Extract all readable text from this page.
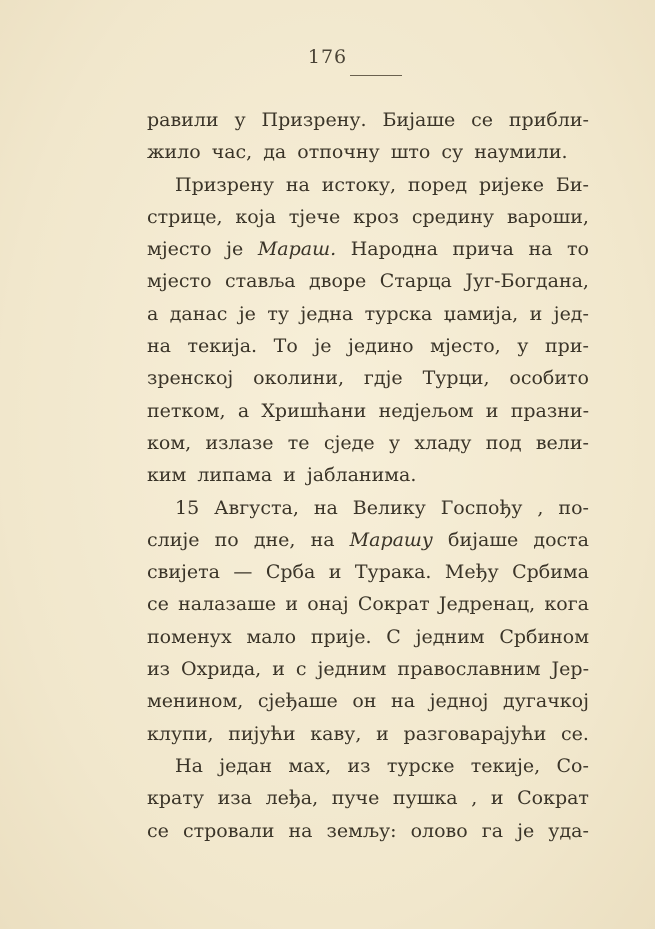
176
равили у Призрену. Бијаше се прибли-
жило час, да отпочну што су наумили.
Призрену на истоку, поред ријеке Би-
стрице, која тјече кроз средину вароши,
мјесто је Мараш. Народна прича на то
мјесто ставља дворе Старца Југ-Богдана,
а данас је ту једна турска џамија, и јед-
на текија. То је једино мјесто, у при-
зренској околини, гдје Турци, особито
петком, а Хришћани недјељом и празни-
ком, излазе те сједе у хладу под вели-
ким липама и јабланима.
15 Августа, на Велику Госпођу , по-
слије по дне, на Марашу бијаше доста
свијета — Срба и Турака. Међу Србима
се налазаше и онај Сократ Једренац, кога
поменух мало прије. С једним Србином
из Охрида, и с једним православним Јер-
менином, сјеђаше он на једној дугачкој
клупи, пијући каву, и разговарајући се.
На један мах, из турске текије, Со-
крату иза леђа, пуче пушка , и Сократ
се стровали на земљу: олово га је уда-
